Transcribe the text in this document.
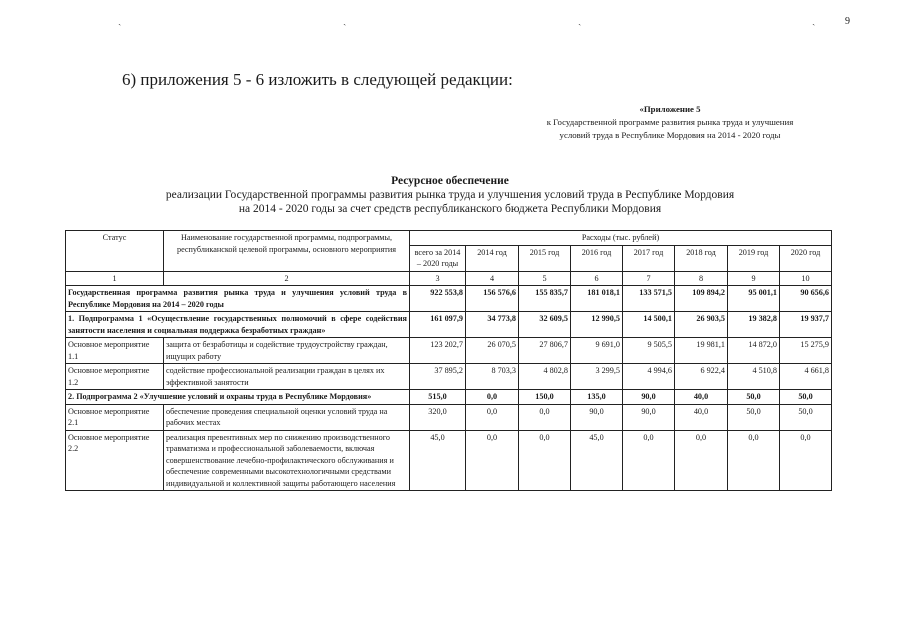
ˎ	ˎ	ˎ	ˎ	9
6) приложения 5 - 6 изложить в следующей редакции:
«Приложение 5
к Государственной программе развития рынка труда и улучшения
условий труда в Республике Мордовия на 2014 - 2020 годы
Ресурсное обеспечение
реализации Государственной программы развития рынка труда и улучшения условий труда в Республике Мордовия
на 2014 - 2020 годы за счет средств республиканского бюджета Республики Мордовия
Статус	Наименование государственной программы, подпрограммы, республиканской целевой программы, основного мероприятия	Расходы (тыс. рублей)							
		всего за 2014 – 2020 годы	2014 год	2015 год	2016 год	2017 год	2018 год	2019 год	2020 год
1	2	3	4	5	6	7	8	9	10
Государственная программа развития рынка труда и улучшения условий труда в Республике Мордовия на 2014 – 2020 годы		922 553,8	156 576,6	155 835,7	181 018,1	133 571,5	109 894,2	95 001,1	90 656,6
1. Подпрограмма 1 «Осуществление государственных полномочий в сфере содействия занятости населения и социальная поддержка безработных граждан»		161 097,9	34 773,8	32 609,5	12 990,5	14 500,1	26 903,5	19 382,8	19 937,7
Основное мероприятие 1.1	защита от безработицы и содействие трудоустройству граждан, ищущих работу	123 202,7	26 070,5	27 806,7	9 691,0	9 505,5	19 981,1	14 872,0	15 275,9
Основное мероприятие 1.2	содействие профессиональной реализации граждан в целях их эффективной занятости	37 895,2	8 703,3	4 802,8	3 299,5	4 994,6	6 922,4	4 510,8	4 661,8
2. Подпрограмма 2 «Улучшение условий и охраны труда в Республике Мордовия»		515,0	0,0	150,0	135,0	90,0	40,0	50,0	50,0
Основное мероприятие 2.1	обеспечение проведения специальной оценки условий труда на рабочих местах	320,0	0,0	0,0	90,0	90,0	40,0	50,0	50,0
Основное мероприятие 2.2	реализация превентивных мер по снижению производственного травматизма и профессиональной заболеваемости, включая совершенствование лечебно-профилактического обслуживания и обеспечение современными высокотехнологичными средствами индивидуальной и коллективной защиты работающего населения	45,0	0,0	0,0	45,0	0,0	0,0	0,0	0,0
